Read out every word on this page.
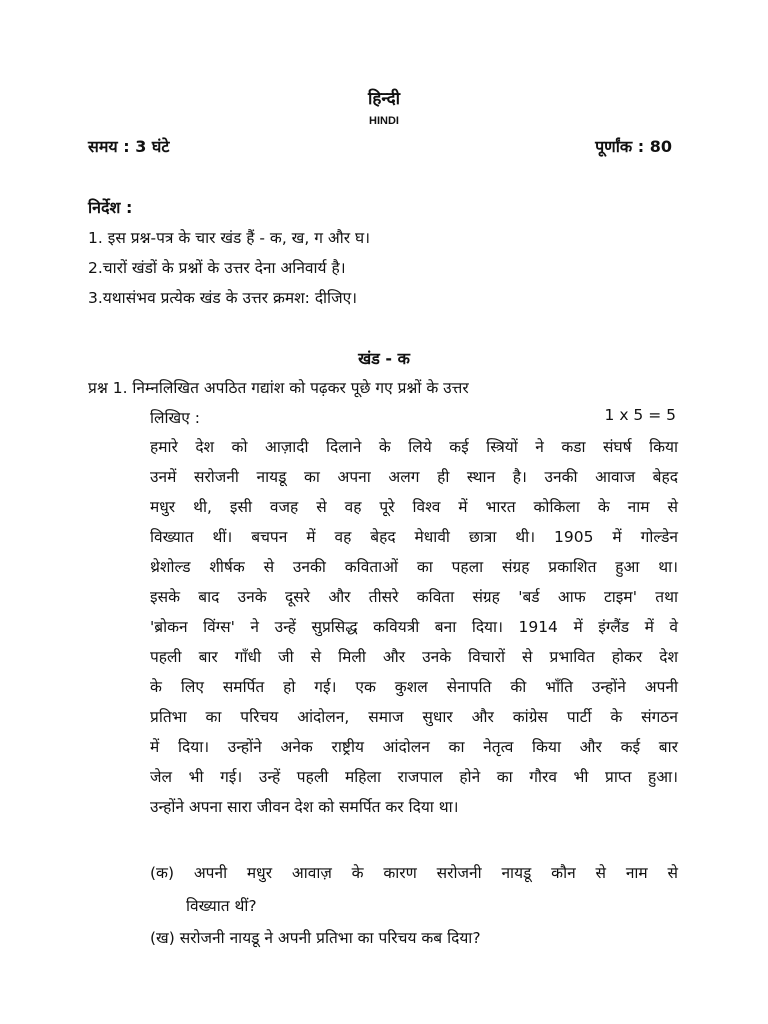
हिन्दी
HINDI
समय : 3 घंटे	पूर्णांक : 80
निर्देश :
1. इस प्रश्न-पत्र के चार खंड हैं - क, ख, ग और घ।
2.चारों खंडों के प्रश्नों के उत्तर देना अनिवार्य है।
3.यथासंभव प्रत्येक खंड के उत्तर क्रमश: दीजिए।
खंड - क
प्रश्न 1. निम्नलिखित अपठित गद्यांश को पढ़कर पूछे गए प्रश्नों के उत्तर
लिखिए :	1 x 5 = 5
हमारे देश को आज़ादी दिलाने के लिये कई स्त्रियों ने कडा संघर्ष किया
उनमें सरोजनी नायडू का अपना अलग ही स्थान है। उनकी आवाज बेहद
मधुर थी, इसी वजह से वह पूरे विश्व में भारत कोकिला के नाम से
विख्यात थीं। बचपन में वह बेहद मेधावी छात्रा थी। 1905 में गोल्डेन
थ्रेशोल्ड शीर्षक से उनकी कविताओं का पहला संग्रह प्रकाशित हुआ था।
इसके बाद उनके दूसरे और तीसरे कविता संग्रह 'बर्ड आफ टाइम' तथा
'ब्रोकन विंग्स' ने उन्हें सुप्रसिद्ध कवियत्री बना दिया। 1914 में इंग्लैंड में वे
पहली बार गाँधी जी से मिली और उनके विचारों से प्रभावित होकर देश
के लिए समर्पित हो गई। एक कुशल सेनापति की भाँति उन्होंने अपनी
प्रतिभा का परिचय आंदोलन, समाज सुधार और कांग्रेस पार्टी के संगठन
में दिया। उन्होंने अनेक राष्ट्रीय आंदोलन का नेतृत्व किया और कई बार
जेल भी गई। उन्हें पहली महिला राजपाल होने का गौरव भी प्राप्त हुआ।
उन्होंने अपना सारा जीवन देश को समर्पित कर दिया था।
(क) अपनी मधुर आवाज़ के कारण सरोजनी नायडू कौन से नाम से
विख्यात थीं?
(ख) सरोजनी नायडू ने अपनी प्रतिभा का परिचय कब दिया?
